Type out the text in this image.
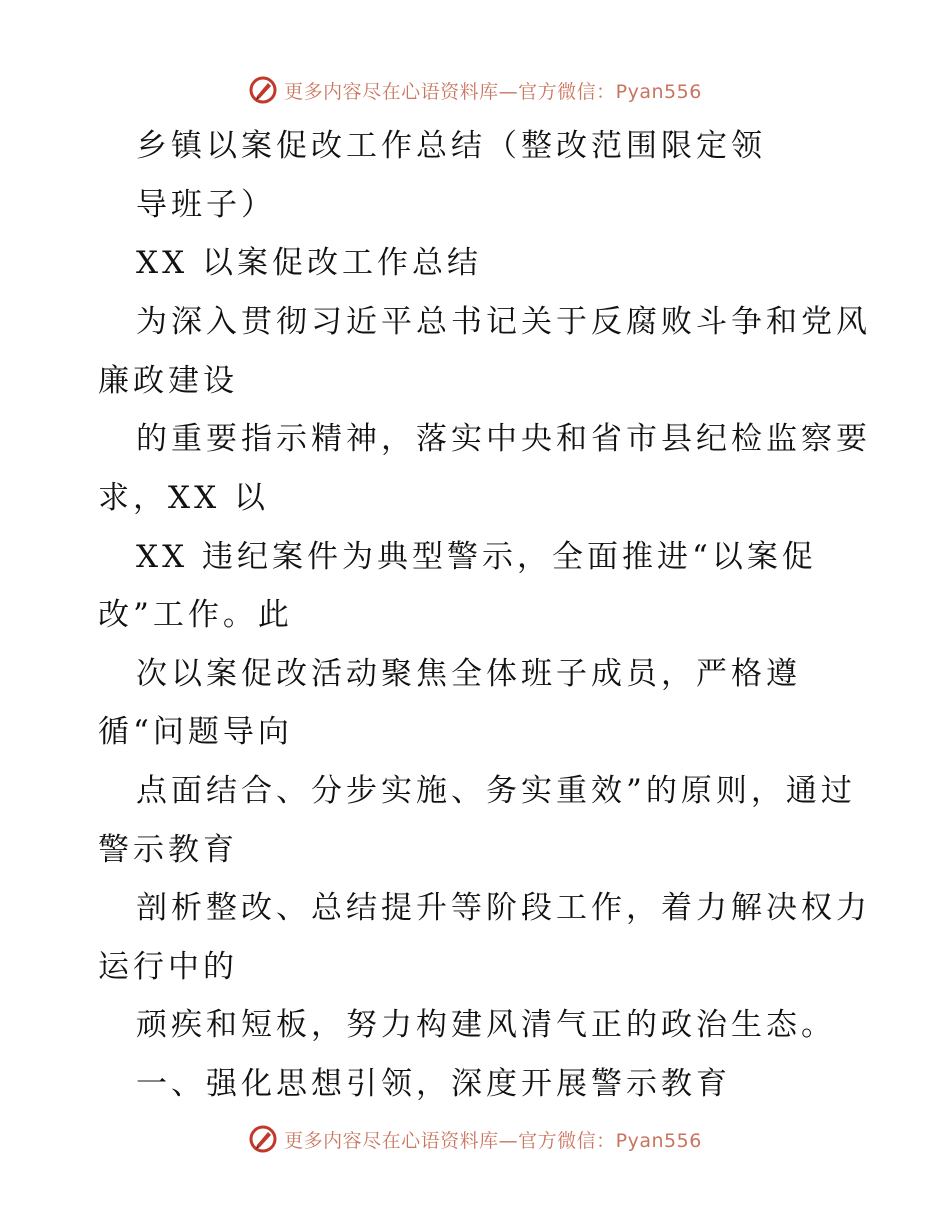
更多内容尽在心语资料库—官方微信：Pyan556
乡镇以案促改工作总结（整改范围限定领
导班子）
XX 以案促改工作总结
为深入贯彻习近平总书记关于反腐败斗争和党风
廉政建设
的重要指示精神，落实中央和省市县纪检监察要
求，XX 以
XX 违纪案件为典型警示，全面推进“以案促
改”工作。此
次以案促改活动聚焦全体班子成员，严格遵
循“问题导向
点面结合、分步实施、务实重效”的原则，通过
警示教育
剖析整改、总结提升等阶段工作，着力解决权力
运行中的
顽疾和短板，努力构建风清气正的政治生态。
一、强化思想引领，深度开展警示教育
更多内容尽在心语资料库—官方微信：Pyan556
